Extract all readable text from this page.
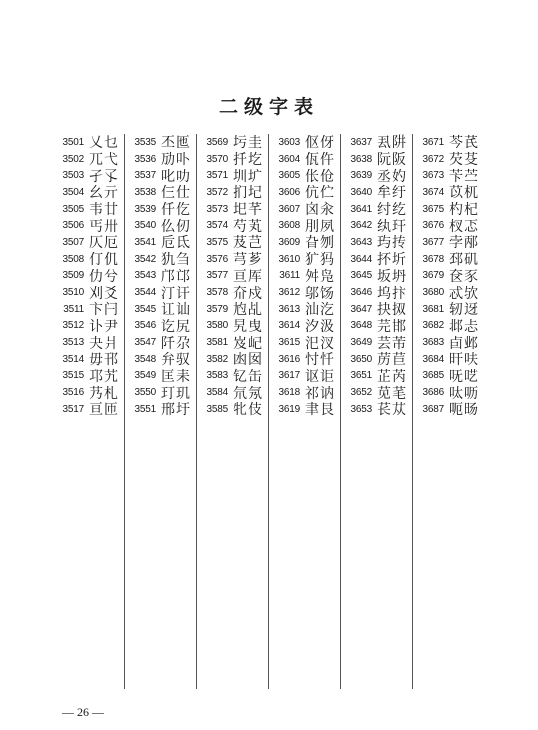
二级字表
3501 乂乜
3502 兀弋
3503 孑孓
3504 幺亓
3505 韦廿
3506 丐卅
3507 仄厄
3508 仃仉
3509 仂兮
3510 刈爻
3511 卞闩
3512 讣尹
3513 夬爿
3514 毋邗
3515 邛艽
3516 艿札
3517 亘匝
3535 丕匜
3536 劢卟
3537 叱叻
3538 仨仕
3539 仟仡
3540 仫仞
3541 卮氐
3542 犰刍
3543 邝邙
3544 汀讦
3545 讧讪
3546 讫尻
3547 阡尕
3548 弁驭
3549 匡耒
3550 玎玑
3551 邢圩
3569 圬圭
3570 扦圪
3571 圳圹
3572 扪圮
3573 圯芊
3574 芍芄
3575 芨芑
3576 芎芗
3577 亘厍
3578 夼戍
3579 尥乩
3580 旯曳
3581 岌屺
3582 凼囡
3583 钇缶
3584 氘氖
3585 牝伎
3603 伛伢
3604 佤仵
3605 伥伧
3606 伉伫
3607 囟汆
3608 刖夙
3609 旮刎
3610 犷犸
3611 舛凫
3612 邬饧
3613 汕汔
3614 汐汲
3615 汜汊
3616 忖忏
3617 讴讵
3618 祁讷
3619 聿艮
3637 厾阱
3638 阮阪
3639 丞妁
3640 牟纡
3641 纣纥
3642 纨玕
3643 玙抟
3644 抔圻
3645 坂坍
3646 坞抃
3647 抉㧐
3648 芫邯
3649 芸芾
3650 苈苣
3651 芷芮
3652 苋芼
3653 苌苁
3671 芩芪
3672 芡芟
3673 苄苎
3674 苡杌
3675 杓杞
3676 杈忑
3677 孛邴
3678 邳矶
3679 奁豕
3680 忒欤
3681 轫迓
3682 邶忐
3683 卣邺
3684 旰呋
3685 呒呓
3686 呔呖
3687 呃旸
— 26 —
